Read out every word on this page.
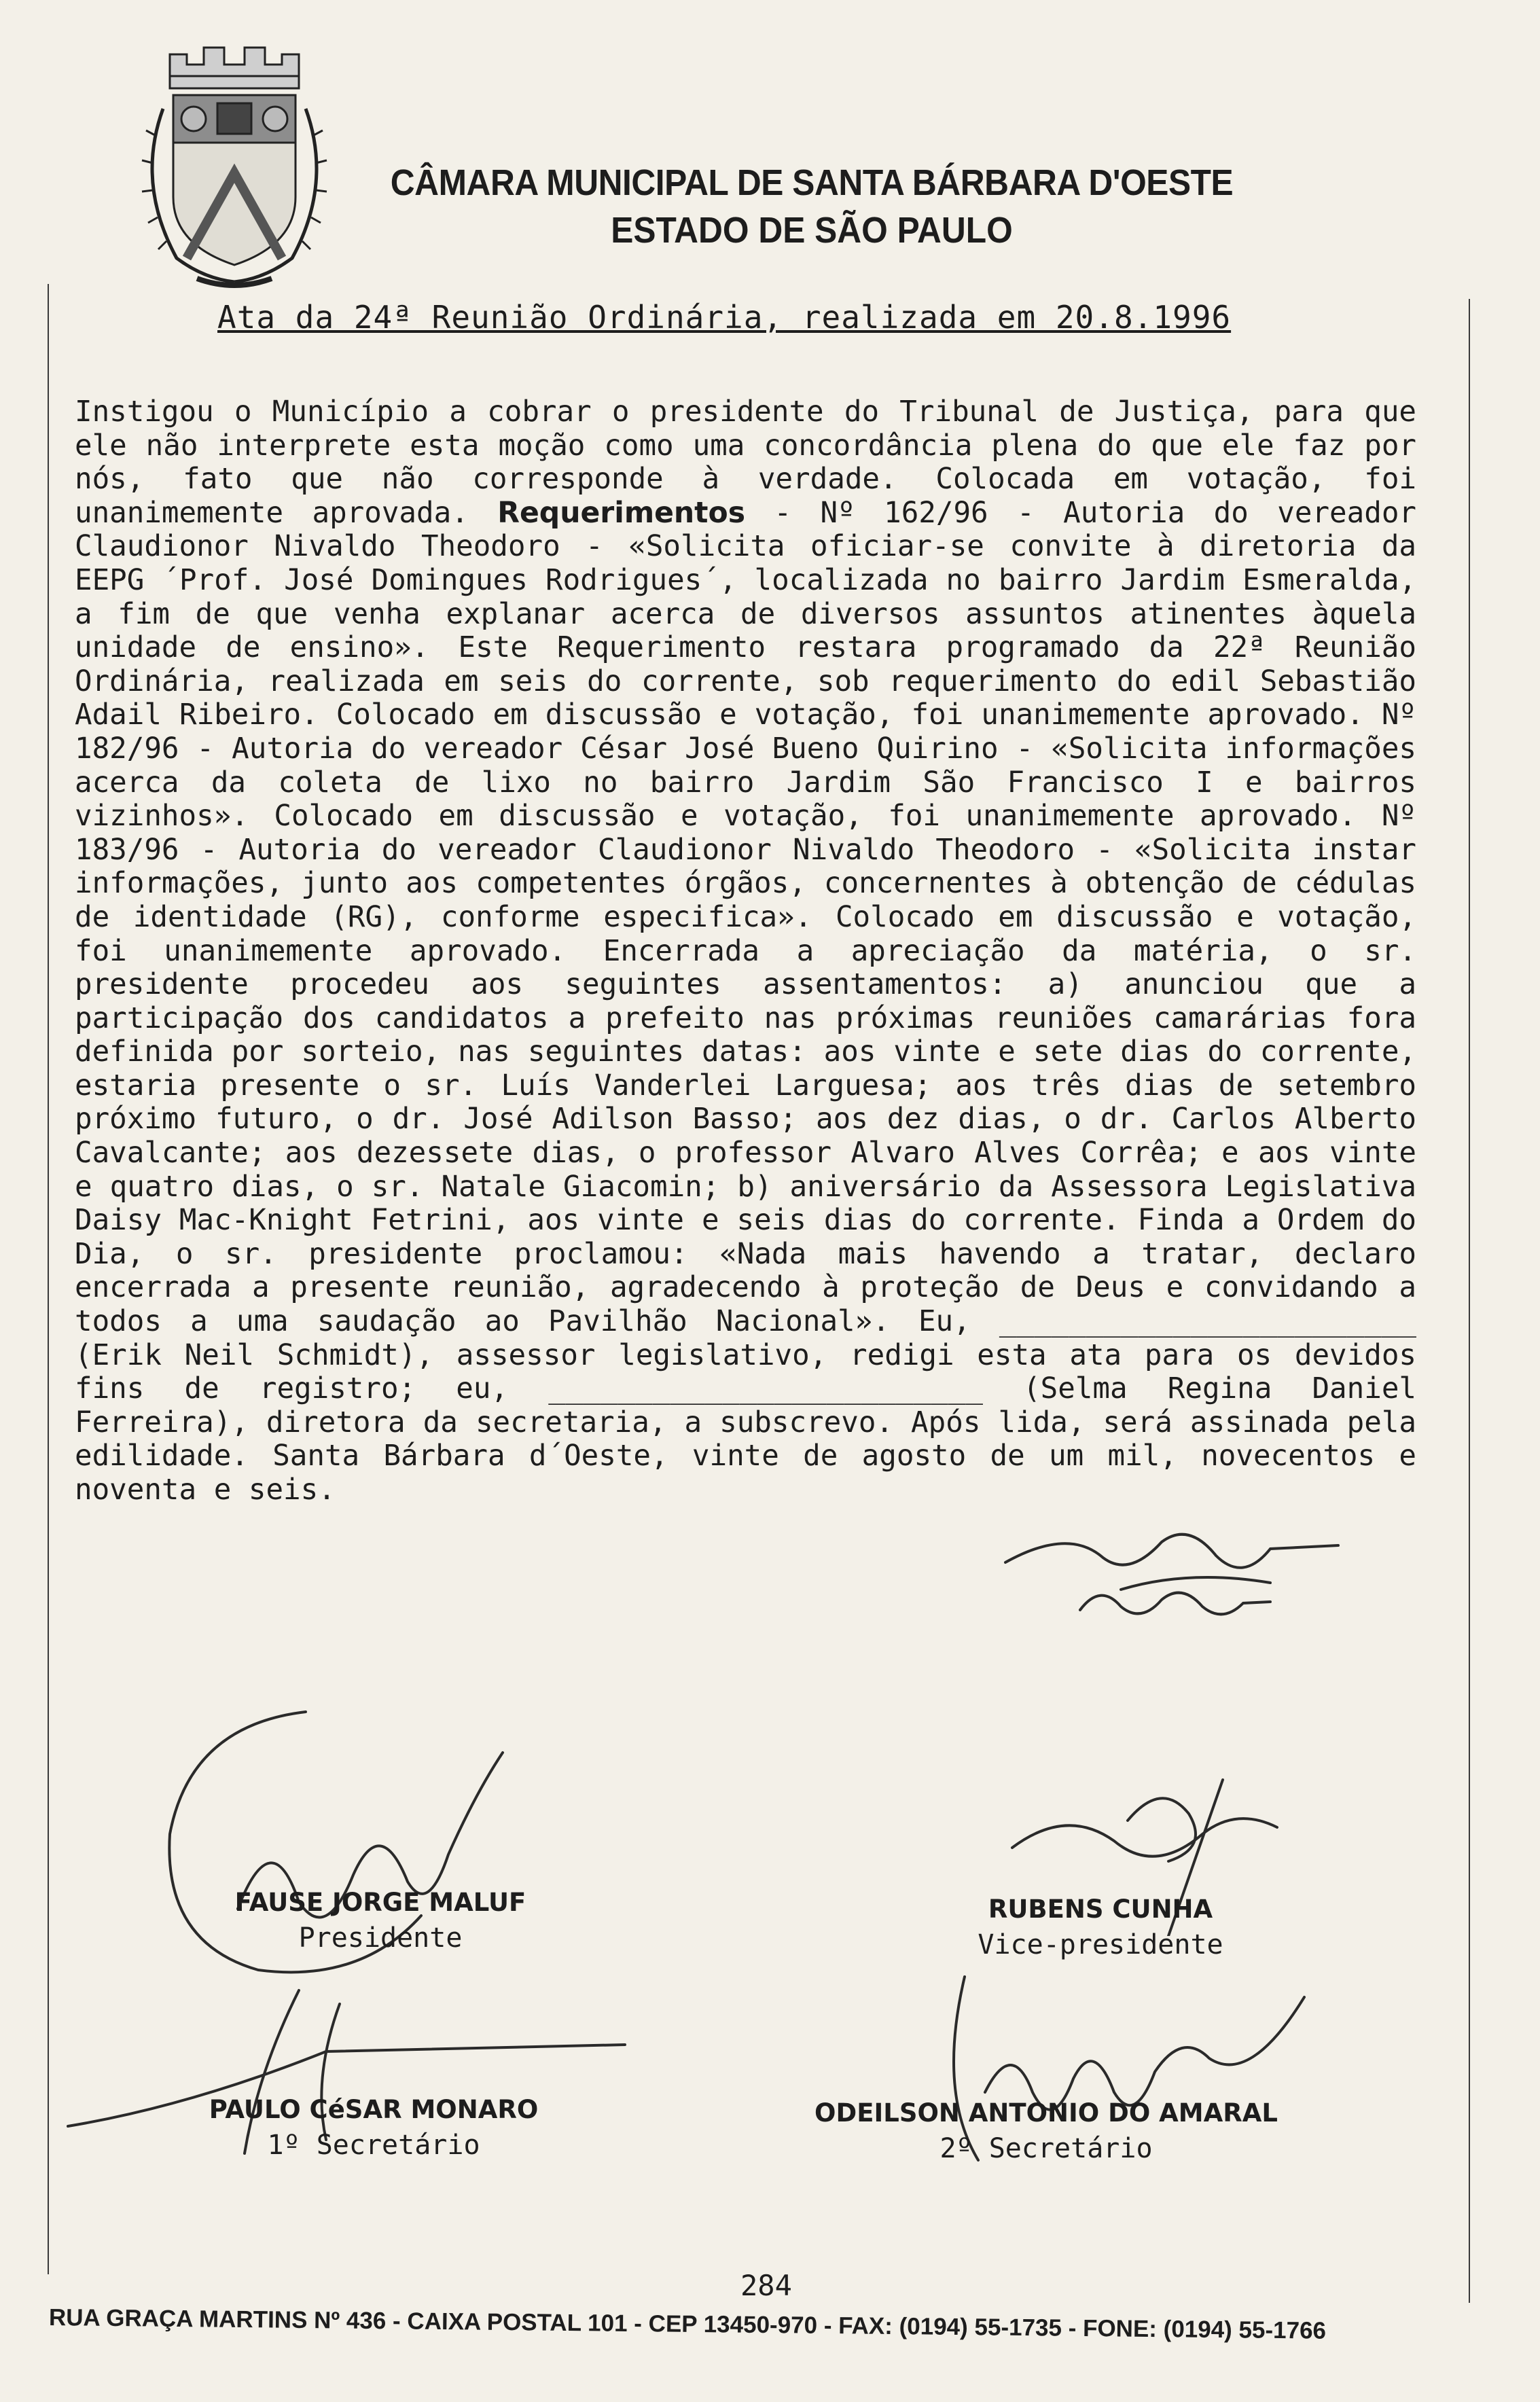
CÂMARA MUNICIPAL DE SANTA BÁRBARA D'OESTE
ESTADO DE SÃO PAULO
Ata da 24ª Reunião Ordinária, realizada em 20.8.1996
Instigou o Município a cobrar o presidente do Tribunal de Justiça, para que ele não interprete esta moção como uma concordância plena do que ele faz por nós, fato que não corresponde à verdade. Colocada em votação, foi unanimemente aprovada. Requerimentos - Nº 162/96 - Autoria do vereador Claudionor Nivaldo Theodoro - «Solicita oficiar-se convite à diretoria da EEPG ´Prof. José Domingues Rodrigues´, localizada no bairro Jardim Esmeralda, a fim de que venha explanar acerca de diversos assuntos atinentes àquela unidade de ensino». Este Requerimento restara programado da 22ª Reunião Ordinária, realizada em seis do corrente, sob requerimento do edil Sebastião Adail Ribeiro. Colocado em discussão e votação, foi unanimemente aprovado. Nº 182/96 - Autoria do vereador César José Bueno Quirino - «Solicita informações acerca da coleta de lixo no bairro Jardim São Francisco I e bairros vizinhos». Colocado em discussão e votação, foi unanimemente aprovado. Nº 183/96 - Autoria do vereador Claudionor Nivaldo Theodoro - «Solicita instar informações, junto aos competentes órgãos, concernentes à obtenção de cédulas de identidade (RG), conforme especifica». Colocado em discussão e votação, foi unanimemente aprovado. Encerrada a apreciação da matéria, o sr. presidente procedeu aos seguintes assentamentos: a) anunciou que a participação dos candidatos a prefeito nas próximas reuniões camarárias fora definida por sorteio, nas seguintes datas: aos vinte e sete dias do corrente, estaria presente o sr. Luís Vanderlei Larguesa; aos três dias de setembro próximo futuro, o dr. José Adilson Basso; aos dez dias, o dr. Carlos Alberto Cavalcante; aos dezessete dias, o professor Alvaro Alves Corrêa; e aos vinte e quatro dias, o sr. Natale Giacomin; b) aniversário da Assessora Legislativa Daisy Mac-Knight Fetrini, aos vinte e seis dias do corrente. Finda a Ordem do Dia, o sr. presidente proclamou: «Nada mais havendo a tratar, declaro encerrada a presente reunião, agradecendo à proteção de Deus e convidando a todos a uma saudação ao Pavilhão Nacional». Eu, ________________________ (Erik Neil Schmidt), assessor legislativo, redigi esta ata para os devidos fins de registro; eu, _________________________ (Selma Regina Daniel Ferreira), diretora da secretaria, a subscrevo. Após lida, será assinada pela edilidade. Santa Bárbara d´Oeste, vinte de agosto de um mil, novecentos e noventa e seis.
FAUSE JORGE MALUF
Presidente
RUBENS CUNHA
Vice-presidente
PAULO CéSAR MONARO
1º Secretário
ODEILSON ANTONIO DO AMARAL
2º Secretário
284
RUA GRAÇA MARTINS Nº 436 - CAIXA POSTAL 101 - CEP 13450-970 - FAX: (0194) 55-1735 - FONE: (0194) 55-1766
